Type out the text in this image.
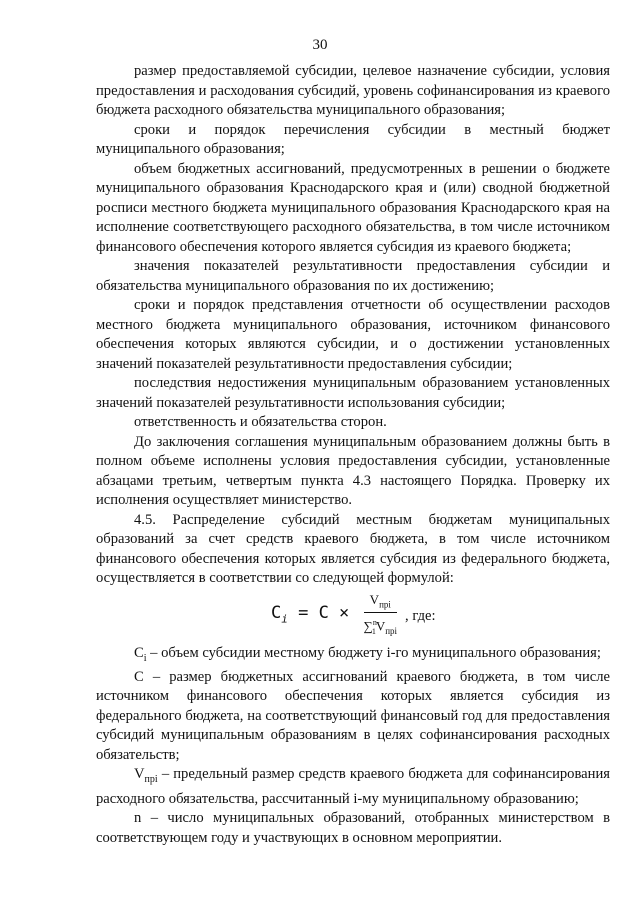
30

размер предоставляемой субсидии, целевое назначение субсидии, условия предоставления и расходования субсидий, уровень софинансирования из краевого бюджета расходного обязательства муниципального образования;

сроки и порядок перечисления субсидии в местный бюджет муниципального образования;

объем бюджетных ассигнований, предусмотренных в решении о бюджете муниципального образования Краснодарского края и (или) сводной бюджетной росписи местного бюджета муниципального образования Краснодарского края на исполнение соответствующего расходного обязательства, в том числе источником финансового обеспечения которого является субсидия из краевого бюджета;

значения показателей результативности предоставления субсидии и обязательства муниципального образования по их достижению;

сроки и порядок представления отчетности об осуществлении расходов местного бюджета муниципального образования, источником финансового обеспечения которых являются субсидии, и о достижении установленных значений показателей результативности предоставления субсидии;

последствия недостижения муниципальным образованием установленных значений показателей результативности использования субсидии;

ответственность и обязательства сторон.

До заключения соглашения муниципальным образованием должны быть в полном объеме исполнены условия предоставления субсидии, установленные абзацами третьим, четвертым пункта 4.3 настоящего Порядка. Проверку их исполнения осуществляет министерство.

4.5. Распределение субсидий местным бюджетам муниципальных образований за счет средств краевого бюджета, в том числе источником финансового обеспечения которых является субсидия из федерального бюджета, осуществляется в соответствии со следующей формулой:

$C_i = C \times \frac{V_{пpi}}{\sum^n_1V_{пpi}}$ , где:

$C_i$ – объем субсидии местному бюджету i-го муниципального образования;

C – размер бюджетных ассигнований краевого бюджета, в том числе источником финансового обеспечения которых является субсидия из федерального бюджета, на соответствующий финансовый год для предоставления субсидий муниципальным образованиям в целях софинансирования расходных обязательств;

$V_{пpi}$ – предельный размер средств краевого бюджета для софинансирования расходного обязательства, рассчитанный i-му муниципальному образованию;

n – число муниципальных образований, отобранных министерством в соответствующем году и участвующих в основном мероприятии.
